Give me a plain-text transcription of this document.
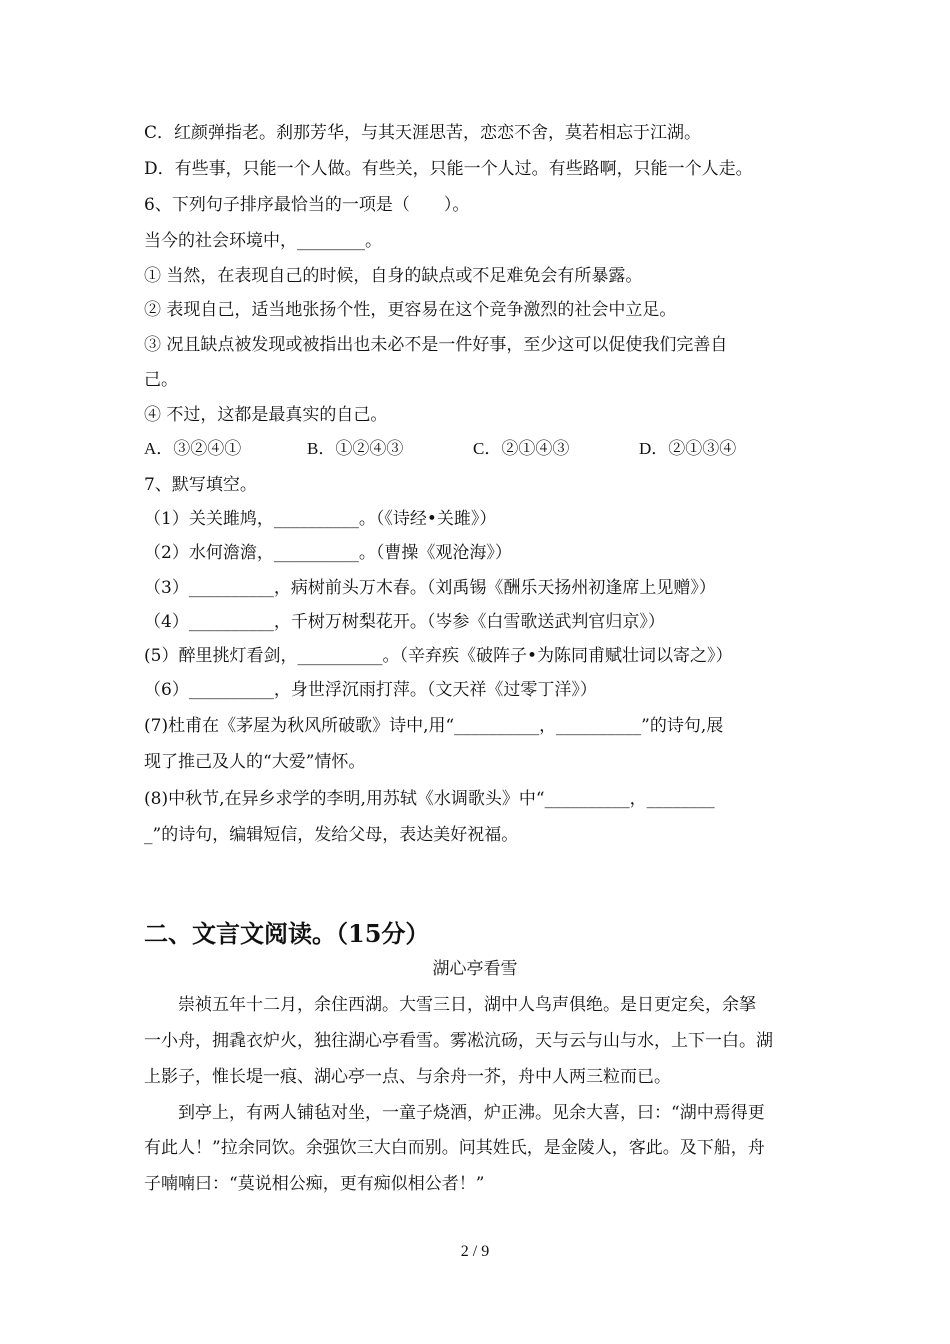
C．红颜弹指老。刹那芳华，与其天涯思苦，恋恋不舍，莫若相忘于江湖。
D．有些事，只能一个人做。有些关，只能一个人过。有些路啊，只能一个人走。
6、下列句子排序最恰当的一项是（　　）。
当今的社会环境中，________。
① 当然，在表现自己的时候，自身的缺点或不足难免会有所暴露。
② 表现自己，适当地张扬个性，更容易在这个竞争激烈的社会中立足。
③ 况且缺点被发现或被指出也未必不是一件好事，至少这可以促使我们完善自
己。
④ 不过，这都是最真实的自己。
A．③②④①	B．①②④③	C．②①④③	D．②①③④
7、默写填空。
（1）关关雎鸠，__________。（《诗经•关雎》）
（2）水何澹澹，__________。（曹操《观沧海》）
（3）__________，病树前头万木春。（刘禹锡《酬乐天扬州初逢席上见赠》）
（4）__________，千树万树梨花开。（岑参《白雪歌送武判官归京》）
(5）醉里挑灯看剑，__________。（辛弃疾《破阵子•为陈同甫赋壮词以寄之》）
（6）__________，身世浮沉雨打萍。（文天祥《过零丁洋》）
(7)杜甫在《茅屋为秋风所破歌》诗中,用“__________，__________”的诗句,展
现了推己及人的“大爱”情怀。
(8)中秋节,在异乡求学的李明,用苏轼《水调歌头》中“__________，________
_”的诗句，编辑短信，发给父母，表达美好祝福。
二、文言文阅读。（15分）
湖心亭看雪
　　崇祯五年十二月，余住西湖。大雪三日，湖中人鸟声俱绝。是日更定矣，余拏
一小舟，拥毳衣炉火，独往湖心亭看雪。雾凇沆砀，天与云与山与水，上下一白。湖
上影子，惟长堤一痕、湖心亭一点、与余舟一芥，舟中人两三粒而已。
　　到亭上，有两人铺毡对坐，一童子烧酒，炉正沸。见余大喜，曰：“湖中焉得更
有此人！”拉余同饮。余强饮三大白而别。问其姓氏，是金陵人，客此。及下船，舟
子喃喃曰：“莫说相公痴，更有痴似相公者！”
2 / 9
